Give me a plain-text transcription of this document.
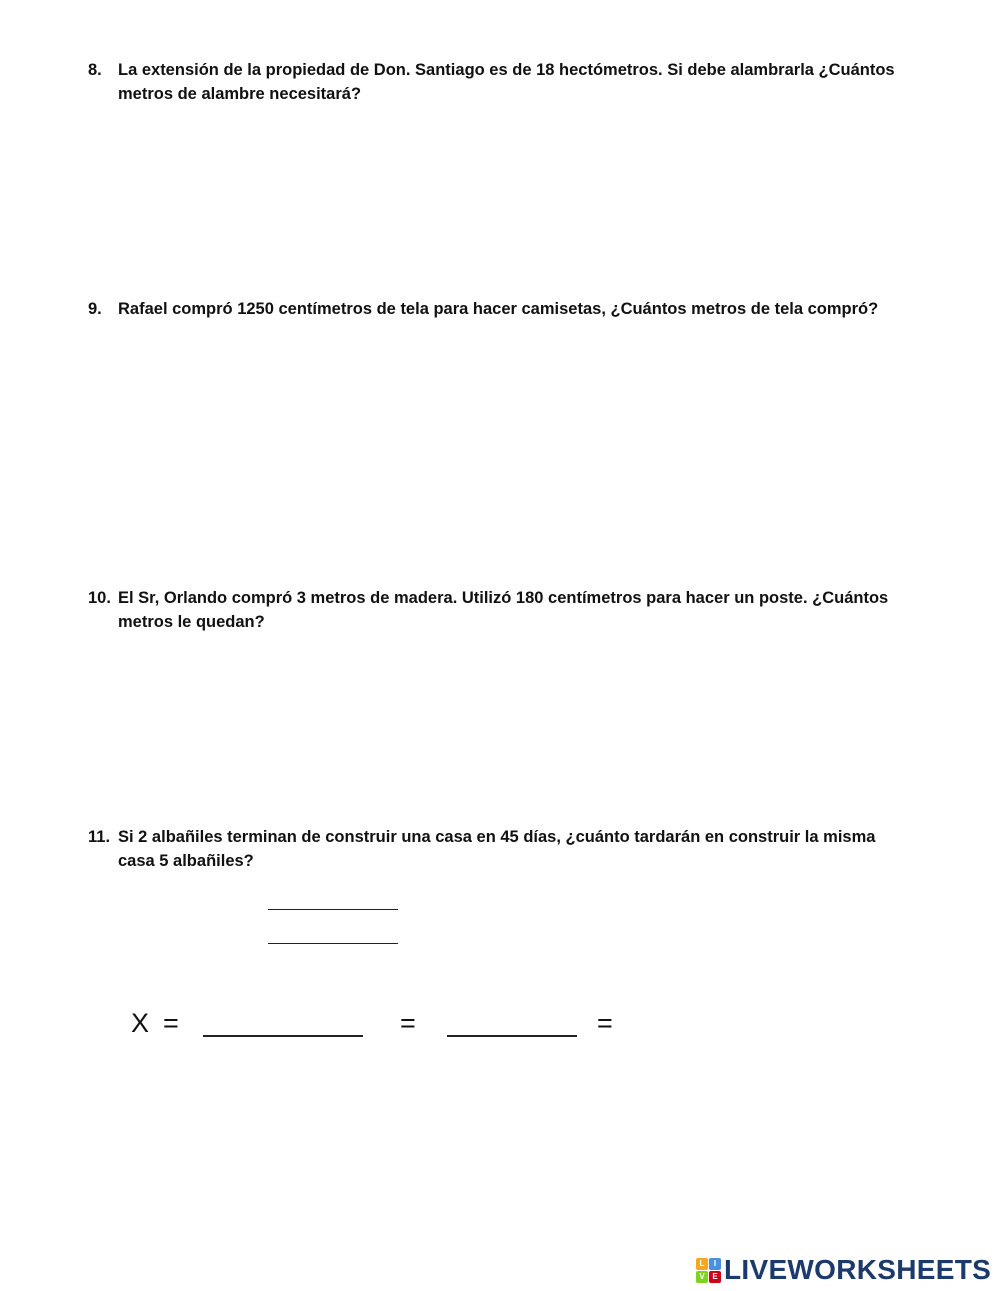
8. La extensión de la propiedad de Don. Santiago es de 18 hectómetros. Si debe alambrarla ¿Cuántos metros de alambre necesitará?
9. Rafael compró 1250 centímetros de tela para hacer camisetas, ¿Cuántos metros de tela compró?
10. El Sr, Orlando compró 3 metros de madera. Utilizó 180 centímetros para hacer un poste. ¿Cuántos metros le quedan?
11. Si 2 albañiles terminan de construir una casa en 45 días, ¿cuánto tardarán en construir la misma casa 5 albañiles?
X =	=	=
L	I
V E LIVEWORKSHEETS
